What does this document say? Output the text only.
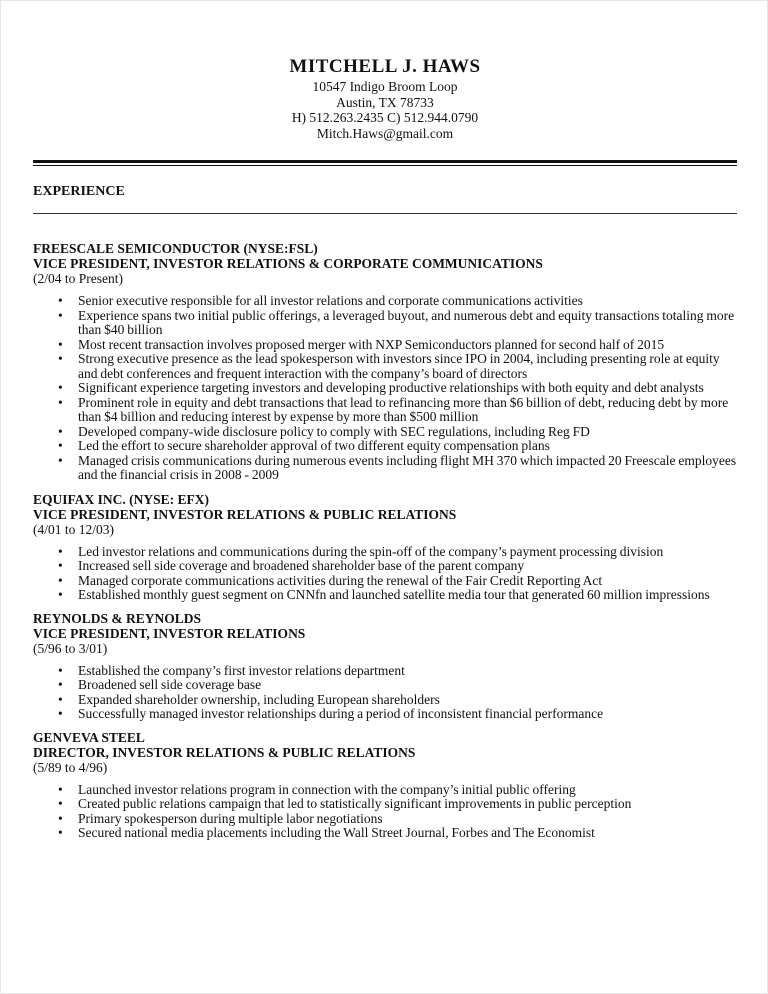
MITCHELL J. HAWS
10547 Indigo Broom Loop
Austin, TX 78733
H) 512.263.2435 C) 512.944.0790
Mitch.Haws@gmail.com
EXPERIENCE
FREESCALE SEMICONDUCTOR (NYSE:FSL)
VICE PRESIDENT, INVESTOR RELATIONS & CORPORATE COMMUNICATIONS
(2/04 to Present)
• Senior executive responsible for all investor relations and corporate communications activities
• Experience spans two initial public offerings, a leveraged buyout, and numerous debt and equity transactions totaling more than $40 billion
• Most recent transaction involves proposed merger with NXP Semiconductors planned for second half of 2015
• Strong executive presence as the lead spokesperson with investors since IPO in 2004, including presenting role at equity and debt conferences and frequent interaction with the company’s board of directors
• Significant experience targeting investors and developing productive relationships with both equity and debt analysts
• Prominent role in equity and debt transactions that lead to refinancing more than $6 billion of debt, reducing debt by more than $4 billion and reducing interest by expense by more than $500 million
• Developed company-wide disclosure policy to comply with SEC regulations, including Reg FD
• Led the effort to secure shareholder approval of two different equity compensation plans
• Managed crisis communications during numerous events including flight MH 370 which impacted 20 Freescale employees and the financial crisis in 2008 - 2009
EQUIFAX INC. (NYSE: EFX)
VICE PRESIDENT, INVESTOR RELATIONS & PUBLIC RELATIONS
(4/01 to 12/03)
• Led investor relations and communications during the spin-off of the company’s payment processing division
• Increased sell side coverage and broadened shareholder base of the parent company
• Managed corporate communications activities during the renewal of the Fair Credit Reporting Act
• Established monthly guest segment on CNNfn and launched satellite media tour that generated 60 million impressions
REYNOLDS & REYNOLDS
VICE PRESIDENT, INVESTOR RELATIONS
(5/96 to 3/01)
• Established the company’s first investor relations department
• Broadened sell side coverage base
• Expanded shareholder ownership, including European shareholders
• Successfully managed investor relationships during a period of inconsistent financial performance
GENVEVA STEEL
DIRECTOR, INVESTOR RELATIONS & PUBLIC RELATIONS
(5/89 to 4/96)
• Launched investor relations program in connection with the company’s initial public offering
• Created public relations campaign that led to statistically significant improvements in public perception
• Primary spokesperson during multiple labor negotiations
• Secured national media placements including the Wall Street Journal, Forbes and The Economist
